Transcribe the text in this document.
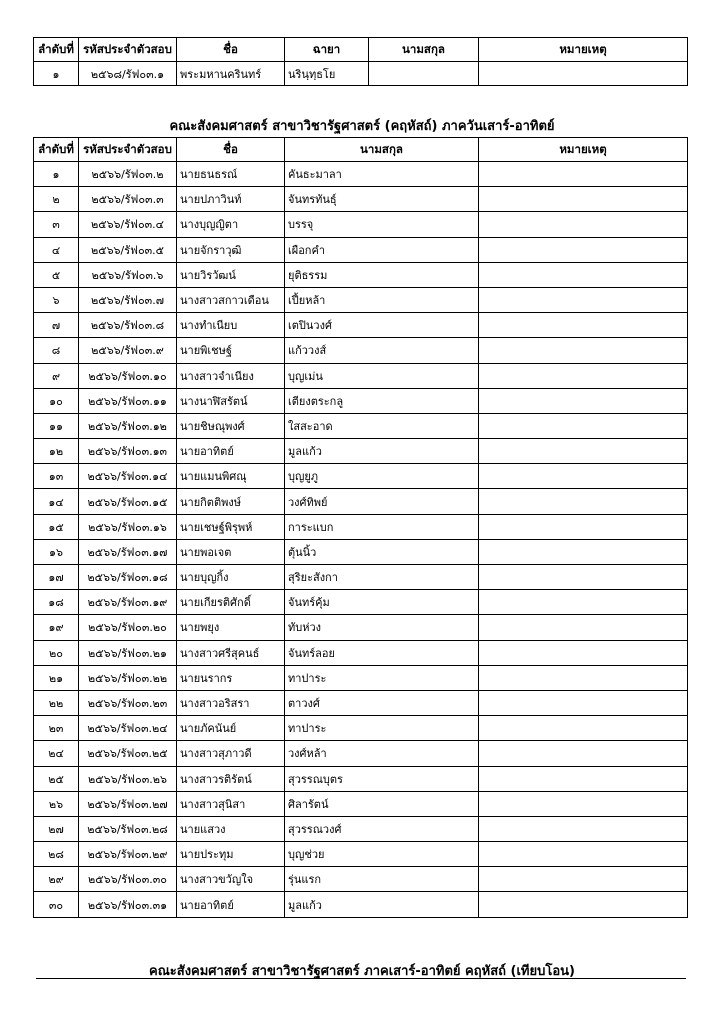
ลำดับที่	รหัสประจำตัวสอบ	ชื่อ	ฉายา	นามสกุล	หมายเหตุ
๑	๒๕๖๘/รัฟ๐๓.๑	พระมหานครินทร์	นรินฺทฺธโย		
คณะสังคมศาสตร์ สาขาวิชารัฐศาสตร์ (คฤหัสถ์) ภาควันเสาร์-อาทิตย์
ลำดับที่	รหัสประจำตัวสอบ	ชื่อ	นามสกุล	หมายเหตุ
๑	๒๕๖๖/รัฟ๐๓.๒	นายธนธรณ์	คันธะมาลา	
๒	๒๕๖๖/รัฟ๐๓.๓	นายปภาวินท์	จันทรทันธุ์	
๓	๒๕๖๖/รัฟ๐๓.๔	นางบุญญิตา	บรรจุ	
๔	๒๕๖๖/รัฟ๐๓.๕	นายจักราวุฒิ	เผือกคำ	
๕	๒๕๖๖/รัฟ๐๓.๖	นายวิรวัฒน์	ยุติธรรม	
๖	๒๕๖๖/รัฟ๐๓.๗	นางสาวสกาวเดือน	เปี้ยหล้า	
๗	๒๕๖๖/รัฟ๐๓.๘	นางทำเนียบ	เตปินวงศ์	
๘	๒๕๖๖/รัฟ๐๓.๙	นายพิเชษฐ์	แก้ววงส์	
๙	๒๕๖๖/รัฟ๐๓.๑๐	นางสาวจำเนียง	บุญเม่น	
๑๐	๒๕๖๖/รัฟ๐๓.๑๑	นางนาฬิสรัตน์	เตียงตระกลู	
๑๑	๒๕๖๖/รัฟ๐๓.๑๒	นายชิษณุพงศ์	ใสสะอาด	
๑๒	๒๕๖๖/รัฟ๐๓.๑๓	นายอาทิตย์	มูลแก้ว	
๑๓	๒๕๖๖/รัฟ๐๓.๑๔	นายแมนพิศณุ	บุญยูภู	
๑๔	๒๕๖๖/รัฟ๐๓.๑๕	นายกิตติพงษ์	วงศ์ทิพย์	
๑๕	๒๕๖๖/รัฟ๐๓.๑๖	นายเชษฐ์พิรุพห์	การะแบก	
๑๖	๒๕๖๖/รัฟ๐๓.๑๗	นายพอเจต	ตุ้นนิ้ว	
๑๗	๒๕๖๖/รัฟ๐๓.๑๘	นายบุญกิ้ง	สุริยะสังกา	
๑๘	๒๕๖๖/รัฟ๐๓.๑๙	นายเกียรติศักดิ์	จันทร์คุ้ม	
๑๙	๒๕๖๖/รัฟ๐๓.๒๐	นายพยุง	ทับห่วง	
๒๐	๒๕๖๖/รัฟ๐๓.๒๑	นางสาวศรีสุคนธ์	จันทร์ลอย	
๒๑	๒๕๖๖/รัฟ๐๓.๒๒	นายนรากร	ทาปาระ	
๒๒	๒๕๖๖/รัฟ๐๓.๒๓	นางสาวอริสรา	ตาวงศ์	
๒๓	๒๕๖๖/รัฟ๐๓.๒๔	นายภัคนันย์	ทาปาระ	
๒๔	๒๕๖๖/รัฟ๐๓.๒๕	นางสาวสุภาวดี	วงศ์หล้า	
๒๕	๒๕๖๖/รัฟ๐๓.๒๖	นางสาวรติรัตน์	สุวรรณบุตร	
๒๖	๒๕๖๖/รัฟ๐๓.๒๗	นางสาวสุนิสา	ศิลารัตน์	
๒๗	๒๕๖๖/รัฟ๐๓.๒๘	นายแสวง	สุวรรณวงศ์	
๒๘	๒๕๖๖/รัฟ๐๓.๒๙	นายประทุม	บุญช่วย	
๒๙	๒๕๖๖/รัฟ๐๓.๓๐	นางสาวขวัญใจ	รุ่นแรก	
๓๐	๒๕๖๖/รัฟ๐๓.๓๑	นายอาทิตย์	มูลแก้ว	
คณะสังคมศาสตร์ สาขาวิชารัฐศาสตร์ ภาคเสาร์-อาทิตย์ คฤหัสถ์ (เทียบโอน)
